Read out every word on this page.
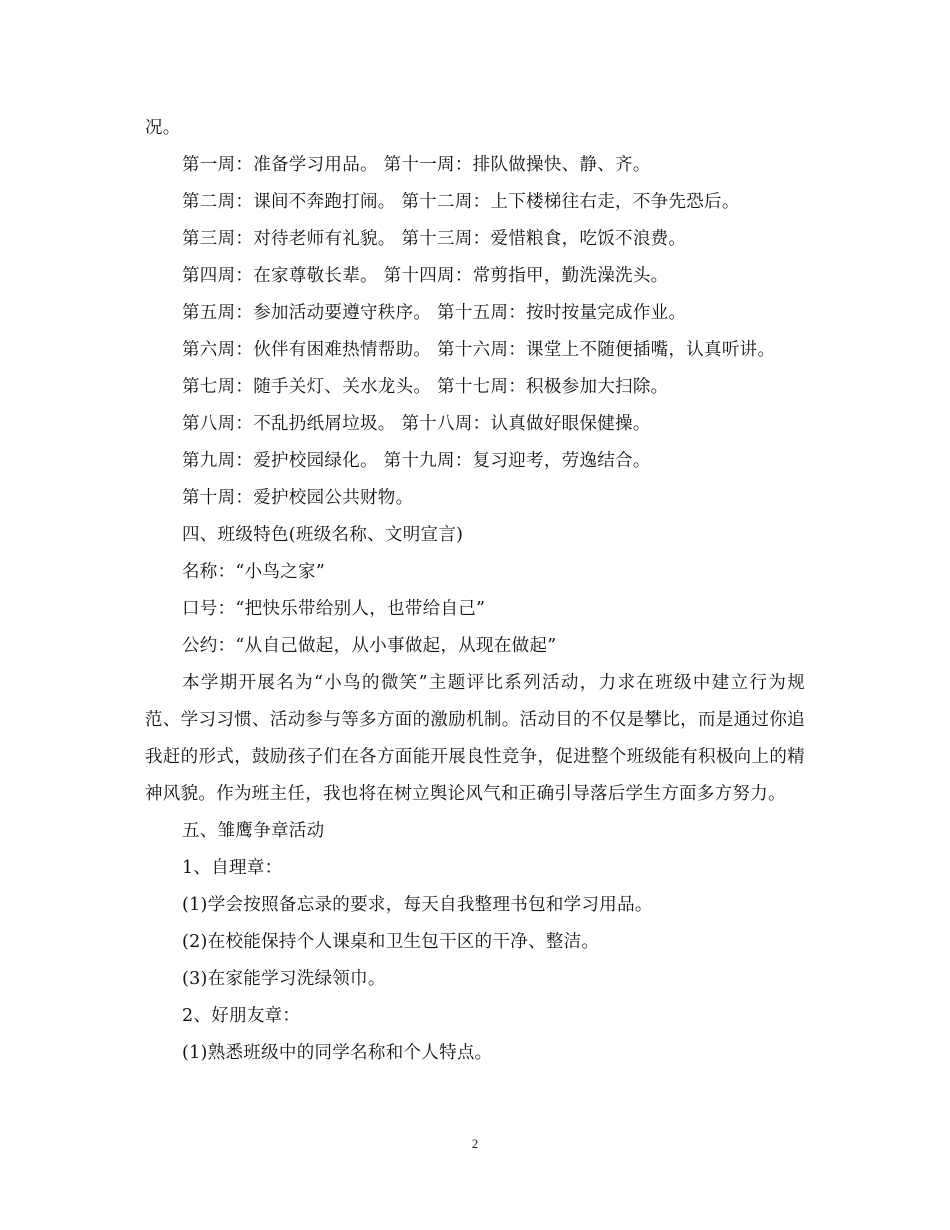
况。
第一周：准备学习用品。 第十一周：排队做操快、静、齐。
第二周：课间不奔跑打闹。 第十二周：上下楼梯往右走，不争先恐后。
第三周：对待老师有礼貌。 第十三周：爱惜粮食，吃饭不浪费。
第四周：在家尊敬长辈。 第十四周：常剪指甲，勤洗澡洗头。
第五周：参加活动要遵守秩序。 第十五周：按时按量完成作业。
第六周：伙伴有困难热情帮助。 第十六周：课堂上不随便插嘴，认真听讲。
第七周：随手关灯、关水龙头。 第十七周：积极参加大扫除。
第八周：不乱扔纸屑垃圾。 第十八周：认真做好眼保健操。
第九周：爱护校园绿化。 第十九周：复习迎考，劳逸结合。
第十周：爱护校园公共财物。
四、班级特色(班级名称、文明宣言)
名称：“小鸟之家”
口号：“把快乐带给别人，也带给自己”
公约：“从自己做起，从小事做起，从现在做起”

本学期开展名为“小鸟的微笑”主题评比系列活动，力求在班级中建立行为规范、学习习惯、活动参与等多方面的激励机制。活动目的不仅是攀比，而是通过你追我赶的形式，鼓励孩子们在各方面能开展良性竞争，促进整个班级能有积极向上的精神风貌。作为班主任，我也将在树立舆论风气和正确引导落后学生方面多方努力。

五、雏鹰争章活动
1、自理章：
(1)学会按照备忘录的要求，每天自我整理书包和学习用品。
(2)在校能保持个人课桌和卫生包干区的干净、整洁。
(3)在家能学习洗绿领巾。
2、好朋友章：
(1)熟悉班级中的同学名称和个人特点。
2
